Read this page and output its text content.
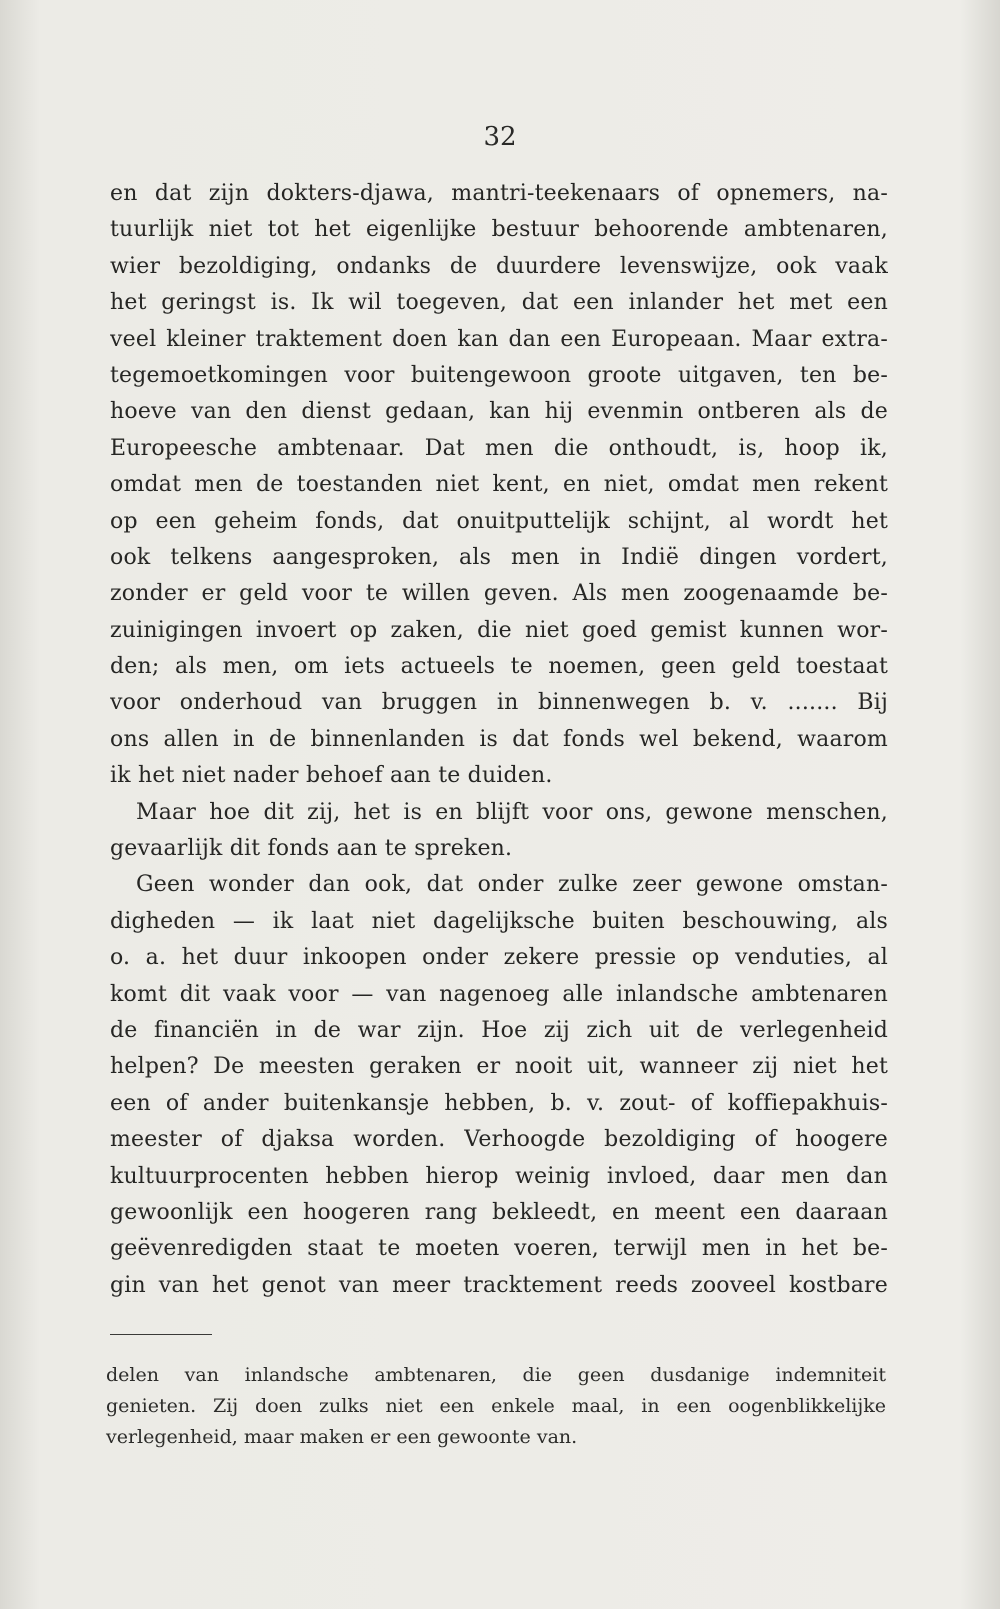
32
en dat zijn dokters-djawa, mantri-teekenaars of opnemers, na-
tuurlijk niet tot het eigenlijke bestuur behoorende ambtenaren,
wier bezoldiging, ondanks de duurdere levenswijze, ook vaak
het geringst is. Ik wil toegeven, dat een inlander het met een
veel kleiner traktement doen kan dan een Europeaan. Maar extra-
tegemoetkomingen voor buitengewoon groote uitgaven, ten be-
hoeve van den dienst gedaan, kan hij evenmin ontberen als de
Europeesche ambtenaar. Dat men die onthoudt, is, hoop ik,
omdat men de toestanden niet kent, en niet, omdat men rekent
op een geheim fonds, dat onuitputtelijk schijnt, al wordt het
ook telkens aangesproken, als men in Indië dingen vordert,
zonder er geld voor te willen geven. Als men zoogenaamde be-
zuinigingen invoert op zaken, die niet goed gemist kunnen wor-
den; als men, om iets actueels te noemen, geen geld toestaat
voor onderhoud van bruggen in binnenwegen b. v. ....... Bij
ons allen in de binnenlanden is dat fonds wel bekend, waarom
ik het niet nader behoef aan te duiden.
Maar hoe dit zij, het is en blijft voor ons, gewone menschen,
gevaarlijk dit fonds aan te spreken.
Geen wonder dan ook, dat onder zulke zeer gewone omstan-
digheden — ik laat niet dagelijksche buiten beschouwing, als
o. a. het duur inkoopen onder zekere pressie op venduties, al
komt dit vaak voor — van nagenoeg alle inlandsche ambtenaren
de financiën in de war zijn. Hoe zij zich uit de verlegenheid
helpen? De meesten geraken er nooit uit, wanneer zij niet het
een of ander buitenkansje hebben, b. v. zout- of koffiepakhuis-
meester of djaksa worden. Verhoogde bezoldiging of hoogere
kultuurprocenten hebben hierop weinig invloed, daar men dan
gewoonlijk een hoogeren rang bekleedt, en meent een daaraan
geëvenredigden staat te moeten voeren, terwijl men in het be-
gin van het genot van meer tracktement reeds zooveel kostbare
delen van inlandsche ambtenaren, die geen dusdanige indemniteit
genieten. Zij doen zulks niet een enkele maal, in een oogenblikkelijke
verlegenheid, maar maken er een gewoonte van.
